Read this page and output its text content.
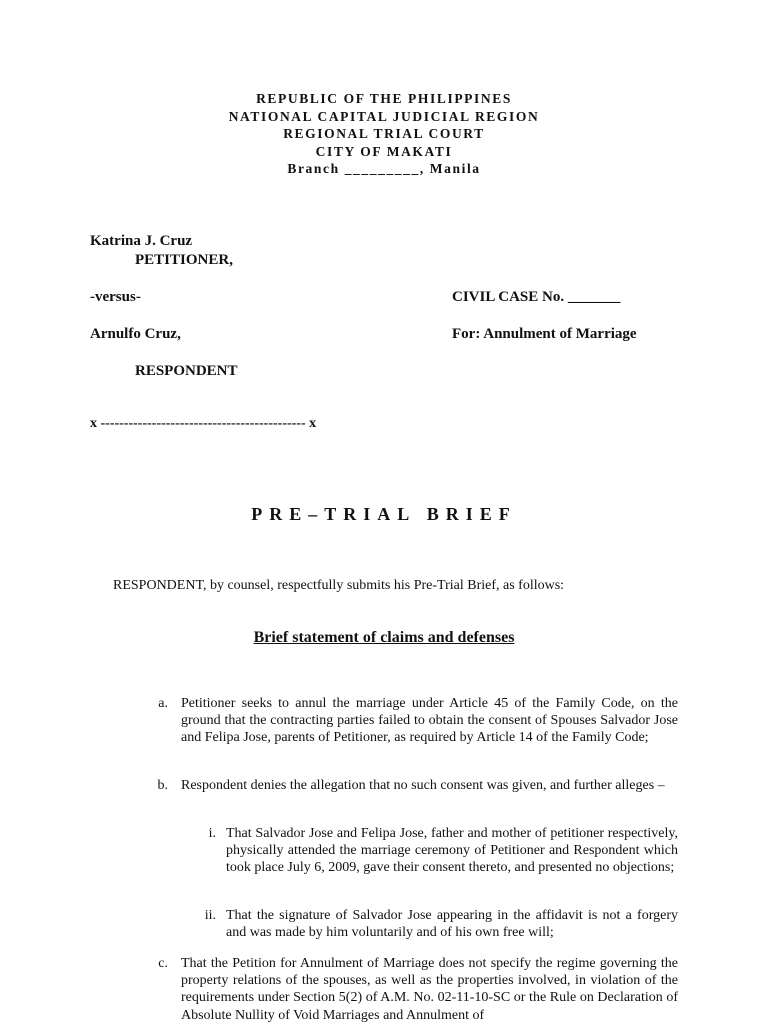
REPUBLIC OF THE PHILIPPINES
NATIONAL CAPITAL JUDICIAL REGION
REGIONAL TRIAL COURT
CITY OF MAKATI
Branch _________, Manila
Katrina J. Cruz
PETITIONER,
-versus-	CIVIL CASE No. _______
Arnulfo Cruz,	For: Annulment of Marriage
RESPONDENT
x -------------------------------------------- x
PRE–TRIAL BRIEF
RESPONDENT, by counsel, respectfully submits his Pre-Trial Brief, as follows:
Brief statement of claims and defenses
a. Petitioner seeks to annul the marriage under Article 45 of the Family Code, on the ground that the contracting parties failed to obtain the consent of Spouses Salvador Jose and Felipa Jose, parents of Petitioner, as required by Article 14 of the Family Code;
b. Respondent denies the allegation that no such consent was given, and further alleges –
i. That Salvador Jose and Felipa Jose, father and mother of petitioner respectively, physically attended the marriage ceremony of Petitioner and Respondent which took place July 6, 2009, gave their consent thereto, and presented no objections;
ii. That the signature of Salvador Jose appearing in the affidavit is not a forgery and was made by him voluntarily and of his own free will;
c. That the Petition for Annulment of Marriage does not specify the regime governing the property relations of the spouses, as well as the properties involved, in violation of the requirements under Section 5(2) of A.M. No. 02-11-10-SC or the Rule on Declaration of Absolute Nullity of Void Marriages and Annulment of
